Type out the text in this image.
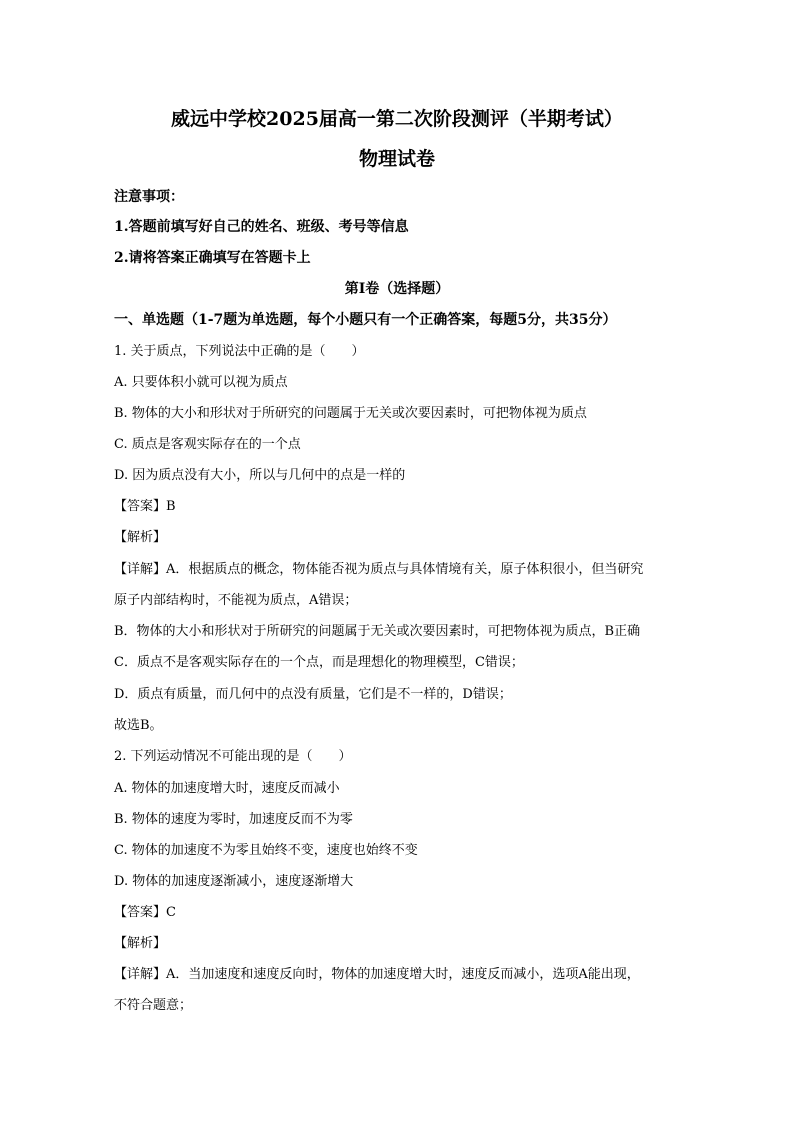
威远中学校2025届高一第二次阶段测评（半期考试）
物理试卷
注意事项：
1.答题前填写好自己的姓名、班级、考号等信息
2.请将答案正确填写在答题卡上
第I卷（选择题）
一、单选题（1-7题为单选题，每个小题只有一个正确答案，每题5分，共35分）
1. 关于质点，下列说法中正确的是（　　）
A. 只要体积小就可以视为质点
B. 物体的大小和形状对于所研究的问题属于无关或次要因素时，可把物体视为质点
C. 质点是客观实际存在的一个点
D. 因为质点没有大小，所以与几何中的点是一样的
【答案】B
【解析】
【详解】A．根据质点的概念，物体能否视为质点与具体情境有关，原子体积很小，但当研究
原子内部结构时，不能视为质点，A错误；
B．物体的大小和形状对于所研究的问题属于无关或次要因素时，可把物体视为质点，B正确
C．质点不是客观实际存在的一个点，而是理想化的物理模型，C错误；
D．质点有质量，而几何中的点没有质量，它们是不一样的，D错误；
故选B。
2. 下列运动情况不可能出现的是（　　）
A. 物体的加速度增大时，速度反而减小
B. 物体的速度为零时，加速度反而不为零
C. 物体的加速度不为零且始终不变，速度也始终不变
D. 物体的加速度逐渐减小，速度逐渐增大
【答案】C
【解析】
【详解】A．当加速度和速度反向时，物体的加速度增大时，速度反而减小，选项A能出现，
不符合题意；
